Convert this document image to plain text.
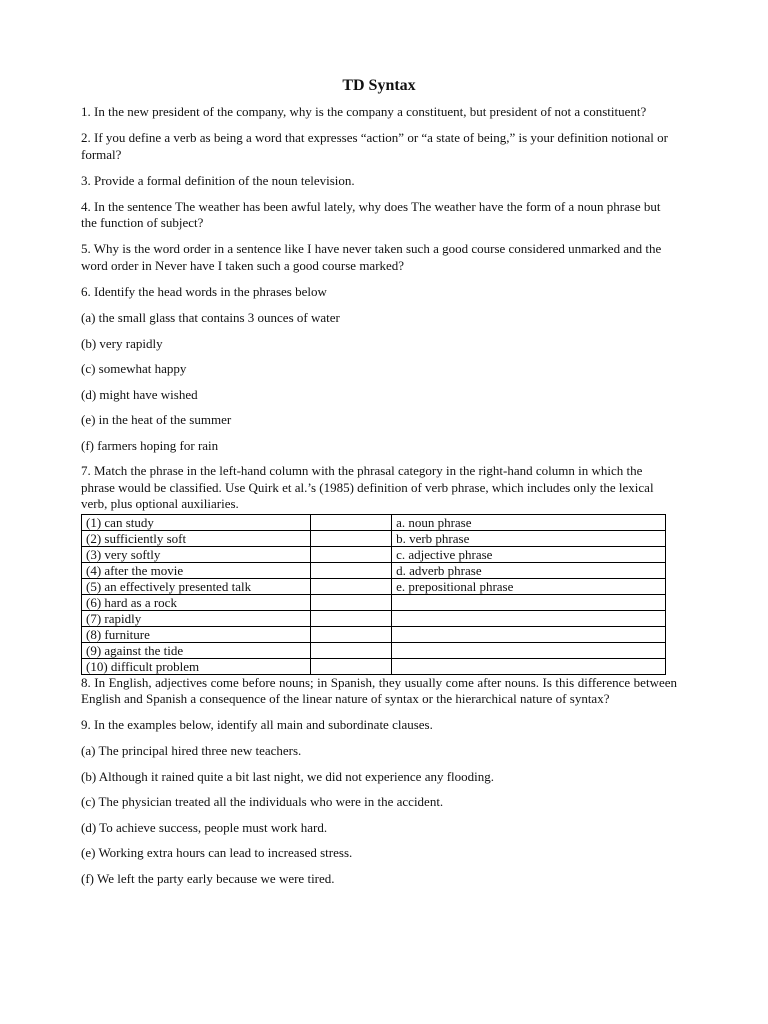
TD Syntax

1. In the new president of the company, why is the company a constituent, but president of not a constituent?

2. If you define a verb as being a word that expresses “action” or “a state of being,” is your definition notional or formal?

3. Provide a formal definition of the noun television.

4. In the sentence The weather has been awful lately, why does The weather have the form of a noun phrase but the function of subject?

5. Why is the word order in a sentence like I have never taken such a good course considered unmarked and the word order in Never have I taken such a good course marked?

6. Identify the head words in the phrases below

(a) the small glass that contains 3 ounces of water

(b) very rapidly

(c) somewhat happy

(d) might have wished

(e) in the heat of the summer

(f) farmers hoping for rain

7. Match the phrase in the left-hand column with the phrasal category in the right-hand column in which the phrase would be classified. Use Quirk et al.’s (1985) definition of verb phrase, which includes only the lexical verb, plus optional auxiliaries.

(1) can study		a. noun phrase
(2) sufficiently soft		b. verb phrase
(3) very softly		c. adjective phrase
(4) after the movie		d. adverb phrase
(5) an effectively presented talk		e. prepositional phrase
(6) hard as a rock		
(7) rapidly		
(8) furniture		
(9) against the tide		
(10) difficult problem		

8. In English, adjectives come before nouns; in Spanish, they usually come after nouns. Is this difference between English and Spanish a consequence of the linear nature of syntax or the hierarchical nature of syntax?

9. In the examples below, identify all main and subordinate clauses.

(a) The principal hired three new teachers.

(b) Although it rained quite a bit last night, we did not experience any flooding.

(c) The physician treated all the individuals who were in the accident.

(d) To achieve success, people must work hard.

(e) Working extra hours can lead to increased stress.

(f) We left the party early because we were tired.
